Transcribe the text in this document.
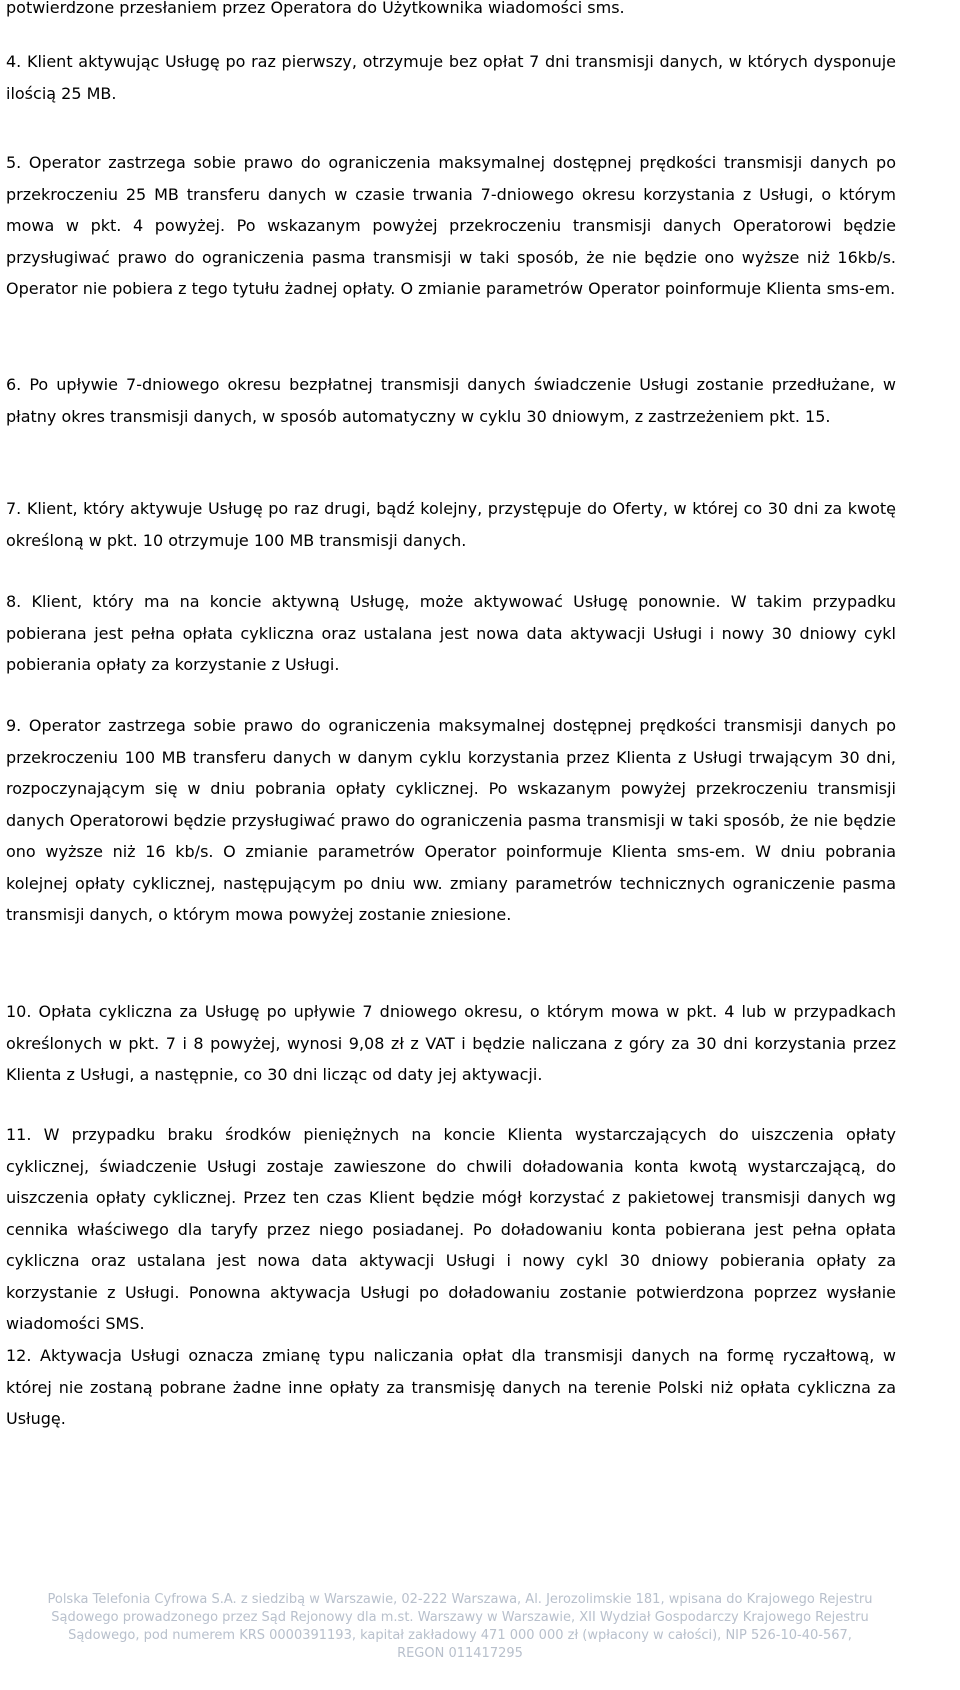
potwierdzone przesłaniem przez Operatora do Użytkownika wiadomości sms.

4. Klient aktywując Usługę po raz pierwszy, otrzymuje bez opłat 7 dni transmisji danych, w których dysponuje ilością 25 MB.

5. Operator zastrzega sobie prawo do ograniczenia maksymalnej dostępnej prędkości transmisji danych po przekroczeniu 25 MB transferu danych w czasie trwania 7-dniowego okresu korzystania z Usługi, o którym mowa w pkt. 4 powyżej. Po wskazanym powyżej przekroczeniu transmisji danych Operatorowi będzie przysługiwać prawo do ograniczenia pasma transmisji w taki sposób, że nie będzie ono wyższe niż 16kb/s. Operator nie pobiera z tego tytułu żadnej opłaty. O zmianie parametrów Operator poinformuje Klienta sms-em.

6. Po upływie 7-dniowego okresu bezpłatnej transmisji danych świadczenie Usługi zostanie przedłużane, w płatny okres transmisji danych, w sposób automatyczny w cyklu 30 dniowym, z zastrzeżeniem pkt. 15.

7. Klient, który aktywuje Usługę po raz drugi, bądź kolejny, przystępuje do Oferty, w której co 30 dni za kwotę określoną w pkt. 10 otrzymuje 100 MB transmisji danych.

8. Klient, który ma na koncie aktywną Usługę, może aktywować Usługę ponownie. W takim przypadku pobierana jest pełna opłata cykliczna oraz ustalana jest nowa data aktywacji Usługi i nowy 30 dniowy cykl pobierania opłaty za korzystanie z Usługi.

9. Operator zastrzega sobie prawo do ograniczenia maksymalnej dostępnej prędkości transmisji danych po przekroczeniu 100 MB transferu danych w danym cyklu korzystania przez Klienta z Usługi trwającym 30 dni, rozpoczynającym się w dniu pobrania opłaty cyklicznej. Po wskazanym powyżej przekroczeniu transmisji danych Operatorowi będzie przysługiwać prawo do ograniczenia pasma transmisji w taki sposób, że nie będzie ono wyższe niż 16 kb/s. O zmianie parametrów Operator poinformuje Klienta sms-em. W dniu pobrania kolejnej opłaty cyklicznej, następującym po dniu ww. zmiany parametrów technicznych ograniczenie pasma transmisji danych, o którym mowa powyżej zostanie zniesione.

10. Opłata cykliczna za Usługę po upływie 7 dniowego okresu, o którym mowa w pkt. 4 lub w przypadkach określonych w pkt. 7 i 8 powyżej, wynosi 9,08 zł z VAT i będzie naliczana z góry za 30 dni korzystania przez Klienta z Usługi, a następnie, co 30 dni licząc od daty jej aktywacji.

11. W przypadku braku środków pieniężnych na koncie Klienta wystarczających do uiszczenia opłaty cyklicznej, świadczenie Usługi zostaje zawieszone do chwili doładowania konta kwotą wystarczającą, do uiszczenia opłaty cyklicznej. Przez ten czas Klient będzie mógł korzystać z pakietowej transmisji danych wg cennika właściwego dla taryfy przez niego posiadanej. Po doładowaniu konta pobierana jest pełna opłata cykliczna oraz ustalana jest nowa data aktywacji Usługi i nowy cykl 30 dniowy pobierania opłaty za korzystanie z Usługi. Ponowna aktywacja Usługi po doładowaniu zostanie potwierdzona poprzez wysłanie wiadomości SMS.

12. Aktywacja Usługi oznacza zmianę typu naliczania opłat dla transmisji danych na formę ryczałtową, w której nie zostaną pobrane żadne inne opłaty za transmisję danych na terenie Polski niż opłata cykliczna za Usługę.

Polska Telefonia Cyfrowa S.A. z siedzibą w Warszawie, 02-222 Warszawa, Al. Jerozolimskie 181, wpisana do Krajowego Rejestru
Sądowego prowadzonego przez Sąd Rejonowy dla m.st. Warszawy w Warszawie, XII Wydział Gospodarczy Krajowego Rejestru
Sądowego, pod numerem KRS 0000391193, kapitał zakładowy 471 000 000 zł (wpłacony w całości), NIP 526-10-40-567,
REGON 011417295
